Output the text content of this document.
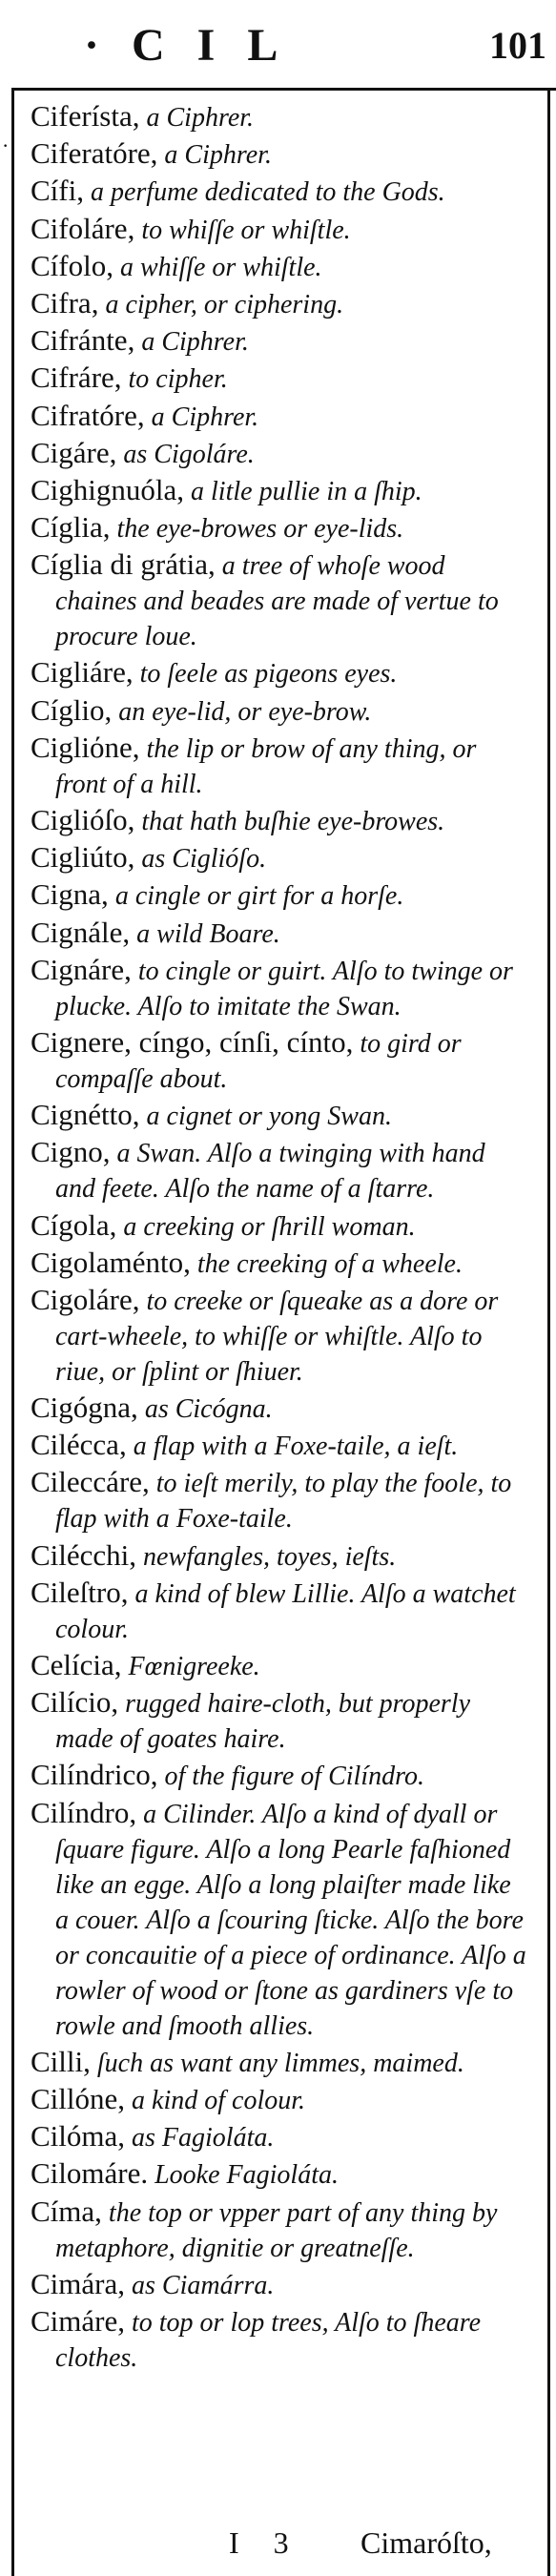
·CIL	101
·
Ciferísta, a Ciphrer.
Ciferatóre, a Ciphrer.
Cífi, a perfume dedicated to the Gods.
Cifoláre, to whiſſe or whiſtle.
Cífolo, a whiſſe or whiſtle.
Cifra, a cipher, or ciphering.
Cifránte, a Ciphrer.
Cifráre, to cipher.
Cifratóre, a Ciphrer.
Cigáre, as Cigoláre.
Cighignuóla, a litle pullie in a ſhip.
Cíglia, the eye-browes or eye-lids.
Cíglia di grátia, a tree of whoſe wood chaines and beades are made of vertue to procure loue.
Cigliáre, to ſeele as pigeons eyes.
Cíglio, an eye-lid, or eye-brow.
Cigliόne, the lip or brow of any thing, or front of a hill.
Ciglióſo, that hath buſhie eye-browes.
Cigliúto, as Ciglióſo.
Cigna, a cingle or girt for a horſe.
Cignále, a wild Boare.
Cignáre, to cingle or guirt. Alſo to twinge or plucke. Alſo to imitate the Swan.
Cignere, cíngo, cínſi, cínto, to gird or compaſſe about.
Cignétto, a cignet or yong Swan.
Cigno, a Swan. Alſo a twinging with hand and feete. Alſo the name of a ſtarre.
Cígola, a creeking or ſhrill woman.
Cigolaménto, the creeking of a wheele.
Cigoláre, to creeke or ſqueake as a dore or cart-wheele, to whiſſe or whiſtle. Alſo to riue, or ſplint or ſhiuer.
Cigógna, as Cicógna.
Cilécca, a flap with a Foxe-taile, a ieſt.
Cileccáre, to ieſt merily, to play the foole, to flap with a Foxe-taile.
Cilécchi, newfangles, toyes, ieſts.
Cileſtro, a kind of blew Lillie. Alſo a watchet colour.
Celícia, Fœnigreeke.
Cilício, rugged haire-cloth, but properly made of goates haire.
Cilíndrico, of the figure of Cilíndro.
Cilíndro, a Cilinder. Alſo a kind of dyall or ſquare figure. Alſo a long Pearle faſhioned like an egge. Alſo a long plaiſter made like a couer. Alſo a ſcouring ſticke. Alſo the bore or concauitie of a piece of ordinance. Alſo a rowler of wood or ſtone as gardiners vſe to rowle and ſmooth allies.
Cilli, ſuch as want any limmes, maimed.
Cillóne, a kind of colour.
Cilóma, as Fagioláta.
Cilomáre. Looke Fagioláta.
Címa, the top or vpper part of any thing by metaphore, dignitie or greatneſſe.
Cimára, as Ciamárra.
Cimáre, to top or lop trees, Alſo to ſheare clothes.
I 3 Cimaróſto,
